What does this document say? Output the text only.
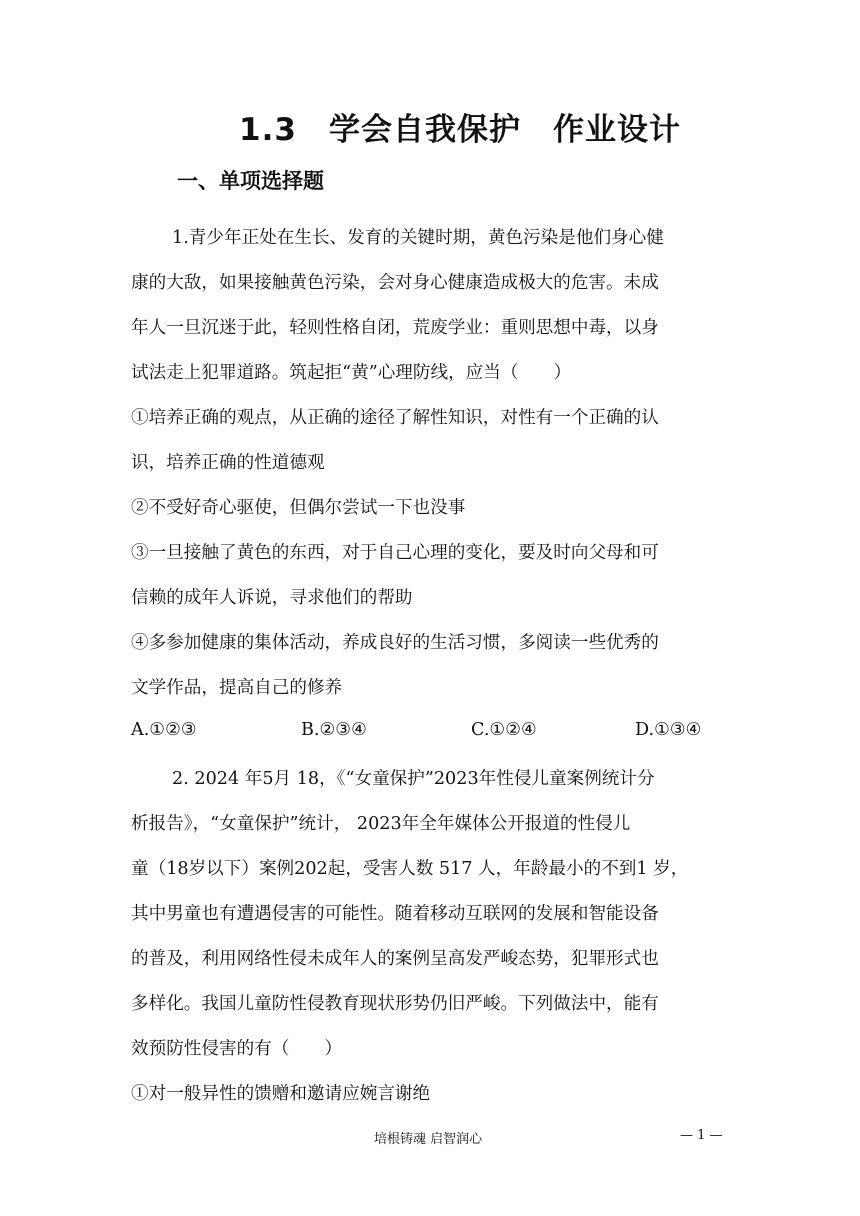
1.3　学会自我保护　作业设计
一、单项选择题
1.青少年正处在生长、发育的关键时期，黄色污染是他们身心健
康的大敌，如果接触黄色污染，会对身心健康造成极大的危害。未成
年人一旦沉迷于此，轻则性格自闭，荒废学业：重则思想中毒，以身
试法走上犯罪道路。筑起拒“黄”心理防线，应当（　　）
①培养正确的观点，从正确的途径了解性知识，对性有一个正确的认
识，培养正确的性道德观
②不受好奇心驱使，但偶尔尝试一下也没事
③一旦接触了黄色的东西，对于自己心理的变化，要及时向父母和可
信赖的成年人诉说，寻求他们的帮助
④多参加健康的集体活动，养成良好的生活习惯，多阅读一些优秀的
文学作品，提高自己的修养
A.①②③	B.②③④	C.①②④	D.①③④
2. 2024 年5月 18，《“女童保护”2023年性侵儿童案例统计分
析报告》，“女童保护”统计， 2023年全年媒体公开报道的性侵儿
童（18岁以下）案例202起，受害人数 517 人，年龄最小的不到1 岁，
其中男童也有遭遇侵害的可能性。随着移动互联网的发展和智能设备
的普及，利用网络性侵未成年人的案例呈高发严峻态势，犯罪形式也
多样化。我国儿童防性侵教育现状形势仍旧严峻。下列做法中，能有
效预防性侵害的有（　　）
①对一般异性的馈赠和邀请应婉言谢绝
培根铸魂 启智润心	— 1 —
